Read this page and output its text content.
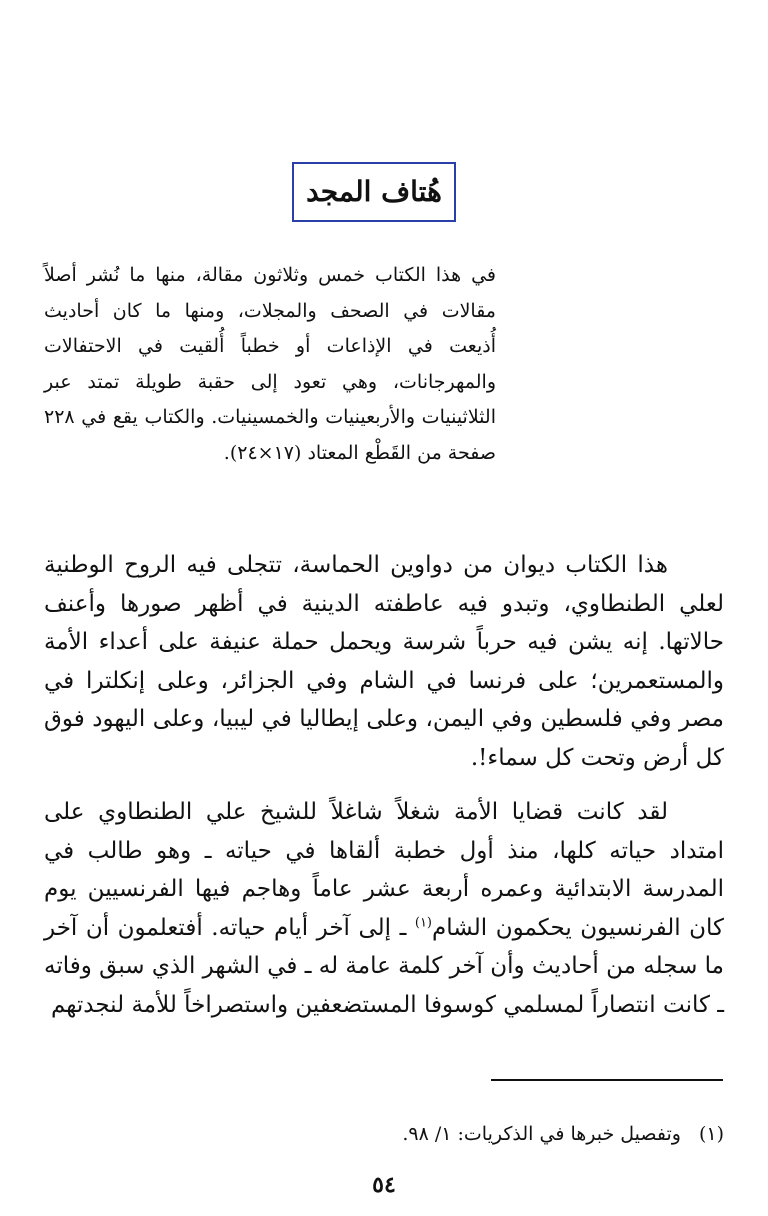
هُتاف المجد

في هذا الكتاب خمس وثلاثون مقالة، منها ما نُشر أصلاً مقالات في الصحف والمجلات، ومنها ما كان أحاديث أُذيعت في الإذاعات أو خطباً أُلقيت في الاحتفالات والمهرجانات، وهي تعود إلى حقبة طويلة تمتد عبر الثلاثينيات والأربعينيات والخمسينيات. والكتاب يقع في ٢٢٨ صفحة من القَطْع المعتاد (١٧×٢٤).

هذا الكتاب ديوان من دواوين الحماسة، تتجلى فيه الروح الوطنية لعلي الطنطاوي، وتبدو فيه عاطفته الدينية في أظهر صورها وأعنف حالاتها. إنه يشن فيه حرباً شرسة ويحمل حملة عنيفة على أعداء الأمة والمستعمرين؛ على فرنسا في الشام وفي الجزائر، وعلى إنكلترا في مصر وفي فلسطين وفي اليمن، وعلى إيطاليا في ليبيا، وعلى اليهود فوق كل أرض وتحت كل سماء!.

لقد كانت قضايا الأمة شغلاً شاغلاً للشيخ علي الطنطاوي على امتداد حياته كلها، منذ أول خطبة ألقاها في حياته ـ وهو طالب في المدرسة الابتدائية وعمره أربعة عشر عاماً وهاجم فيها الفرنسيين يوم كان الفرنسيون يحكمون الشام$^{(١)}$ ـ إلى آخر أيام حياته. أفتعلمون أن آخر ما سجله من أحاديث وأن آخر كلمة عامة له ـ في الشهر الذي سبق وفاته ـ كانت انتصاراً لمسلمي كوسوفا المستضعفين واستصراخاً للأمة لنجدتهم

(١)وتفصيل خبرها في الذكريات: ١/ ٩٨.
٥٤
